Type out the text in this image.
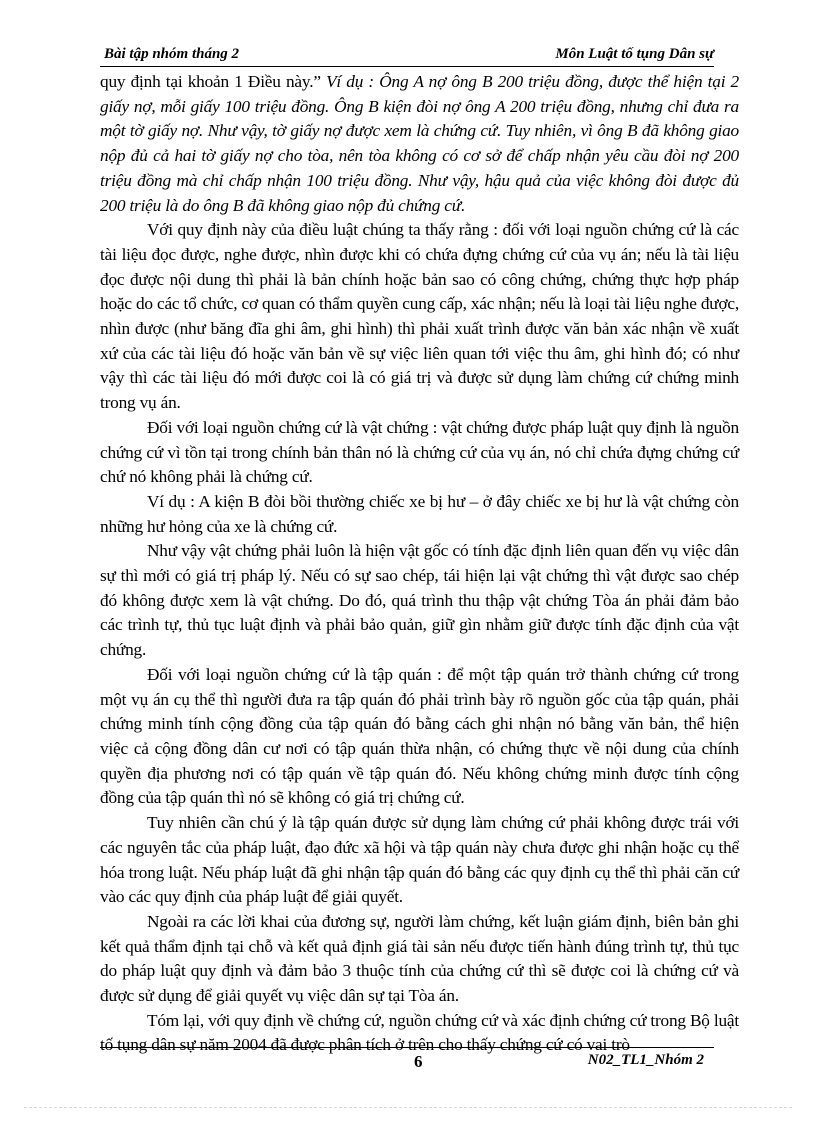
Bài tập nhóm tháng 2	Môn Luật tố tụng Dân sự

quy định tại khoản 1 Điều này.” Ví dụ : Ông A nợ ông B 200 triệu đồng, được thể hiện tại 2 giấy nợ, mỗi giấy 100 triệu đồng. Ông B kiện đòi nợ ông A 200 triệu đồng, nhưng chỉ đưa ra một tờ giấy nợ. Như vậy, tờ giấy nợ được xem là chứng cứ. Tuy nhiên, vì ông B đã không giao nộp đủ cả hai tờ giấy nợ cho tòa, nên tòa không có cơ sở để chấp nhận yêu cầu đòi nợ 200 triệu đồng mà chỉ chấp nhận 100 triệu đồng. Như vậy, hậu quả của việc không đòi được đủ 200 triệu là do ông B đã không giao nộp đủ chứng cứ.

Với quy định này của điều luật chúng ta thấy rằng : đối với loại nguồn chứng cứ là các tài liệu đọc được, nghe được, nhìn được khi có chứa đựng chứng cứ của vụ án; nếu là tài liệu đọc được nội dung thì phải là bản chính hoặc bản sao có công chứng, chứng thực hợp pháp hoặc do các tổ chức, cơ quan có thẩm quyền cung cấp, xác nhận; nếu là loại tài liệu nghe được, nhìn được (như băng đĩa ghi âm, ghi hình) thì phải xuất trình được văn bản xác nhận về xuất xứ của các tài liệu đó hoặc văn bản về sự việc liên quan tới việc thu âm, ghi hình đó; có như vậy thì các tài liệu đó mới được coi là có giá trị và được sử dụng làm chứng cứ chứng minh trong vụ án.

Đối với loại nguồn chứng cứ là vật chứng : vật chứng được pháp luật quy định là nguồn chứng cứ vì tồn tại trong chính bản thân nó là chứng cứ của vụ án, nó chỉ chứa đựng chứng cứ chứ nó không phải là chứng cứ.

Ví dụ : A kiện B đòi bồi thường chiếc xe bị hư – ở đây chiếc xe bị hư là vật chứng còn những hư hỏng của xe là chứng cứ.

Như vậy vật chứng phải luôn là hiện vật gốc có tính đặc định liên quan đến vụ việc dân sự thì mới có giá trị pháp lý. Nếu có sự sao chép, tái hiện lại vật chứng thì vật được sao chép đó không được xem là vật chứng. Do đó, quá trình thu thập vật chứng Tòa án phải đảm bảo các trình tự, thủ tục luật định và phải bảo quản, giữ gìn nhằm giữ được tính đặc định của vật chứng.

Đối với loại nguồn chứng cứ là tập quán : để một tập quán trở thành chứng cứ trong một vụ án cụ thể thì người đưa ra tập quán đó phải trình bày rõ nguồn gốc của tập quán, phải chứng minh tính cộng đồng của tập quán đó bằng cách ghi nhận nó bằng văn bản, thể hiện việc cả cộng đồng dân cư nơi có tập quán thừa nhận, có chứng thực về nội dung của chính quyền địa phương nơi có tập quán về tập quán đó. Nếu không chứng minh được tính cộng đồng của tập quán thì nó sẽ không có giá trị chứng cứ.

Tuy nhiên cần chú ý là tập quán được sử dụng làm chứng cứ phải không được trái với các nguyên tắc của pháp luật, đạo đức xã hội và tập quán này chưa được ghi nhận hoặc cụ thể hóa trong luật. Nếu pháp luật đã ghi nhận tập quán đó bằng các quy định cụ thể thì phải căn cứ vào các quy định của pháp luật để giải quyết.

Ngoài ra các lời khai của đương sự, người làm chứng, kết luận giám định, biên bản ghi kết quả thẩm định tại chỗ và kết quả định giá tài sản nếu được tiến hành đúng trình tự, thủ tục do pháp luật quy định và đảm bảo 3 thuộc tính của chứng cứ thì sẽ được coi là chứng cứ và được sử dụng để giải quyết vụ việc dân sự tại Tòa án.

Tóm lại, với quy định về chứng cứ, nguồn chứng cứ và xác định chứng cứ trong Bộ luật tố tụng dân sự năm 2004 đã được phân tích ở trên cho thấy chứng cứ có vai trò

6	N02_TL1_Nhóm 2
